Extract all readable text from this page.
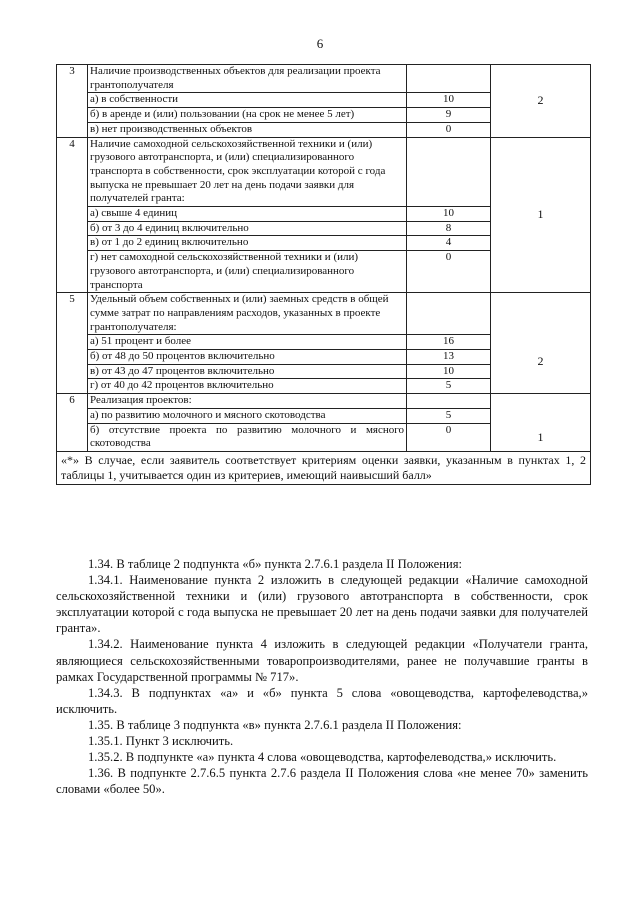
6
3	Наличие производственных объектов для реализации проекта грантополучателя		2
	а) в собственности	10	
	б) в аренде и (или) пользовании (на срок не менее 5 лет)	9	
	в) нет производственных объектов	0	
4	Наличие самоходной сельскохозяйственной техники и (или) грузового автотранспорта, и (или) специализированного транспорта в собственности, срок эксплуатации которой с года выпуска не превышает 20 лет на день подачи заявки для получателей гранта:		1
	а) свыше 4 единиц	10	
	б) от 3 до 4 единиц включительно	8	
	в) от 1 до 2 единиц включительно	4	
	г) нет самоходной сельскохозяйственной техники и (или) грузового автотранспорта, и (или) специализированного транспорта	0	
5	Удельный объем собственных и (или) заемных средств в общей сумме затрат по направлениям расходов, указанных в проекте грантополучателя:		2
	а) 51 процент и более	16	
	б) от 48 до 50 процентов включительно	13	
	в) от 43 до 47 процентов включительно	10	
	г) от 40 до 42 процентов включительно	5	
6	Реализация проектов:		1
	а) по развитию молочного и мясного скотоводства	5	
	б) отсутствие проекта по развитию молочного и мясного скотоводства	0	
«*» В случае, если заявитель соответствует критериям оценки заявки, указанным в пунктах 1, 2 таблицы 1, учитывается один из критериев, имеющий наивысший балл»			

1.34. В таблице 2 подпункта «б» пункта 2.7.6.1 раздела II Положения:

1.34.1. Наименование пункта 2 изложить в следующей редакции «Наличие самоходной сельскохозяйственной техники и (или) грузового автотранспорта в собственности, срок эксплуатации которой с года выпуска не превышает 20 лет на день подачи заявки для получателей гранта».

1.34.2. Наименование пункта 4 изложить в следующей редакции «Получатели гранта, являющиеся сельскохозяйственными товаропроизводителями, ранее не получавшие гранты в рамках Государственной программы № 717».

1.34.3. В подпунктах «а» и «б» пункта 5 слова «овощеводства, картофелеводства,» исключить.

1.35. В таблице 3 подпункта «в» пункта 2.7.6.1 раздела II Положения:

1.35.1. Пункт 3 исключить.

1.35.2. В подпункте «а» пункта 4 слова «овощеводства, картофелеводства,» исключить.

1.36. В подпункте 2.7.6.5 пункта 2.7.6 раздела II Положения слова «не менее 70» заменить словами «более 50».
